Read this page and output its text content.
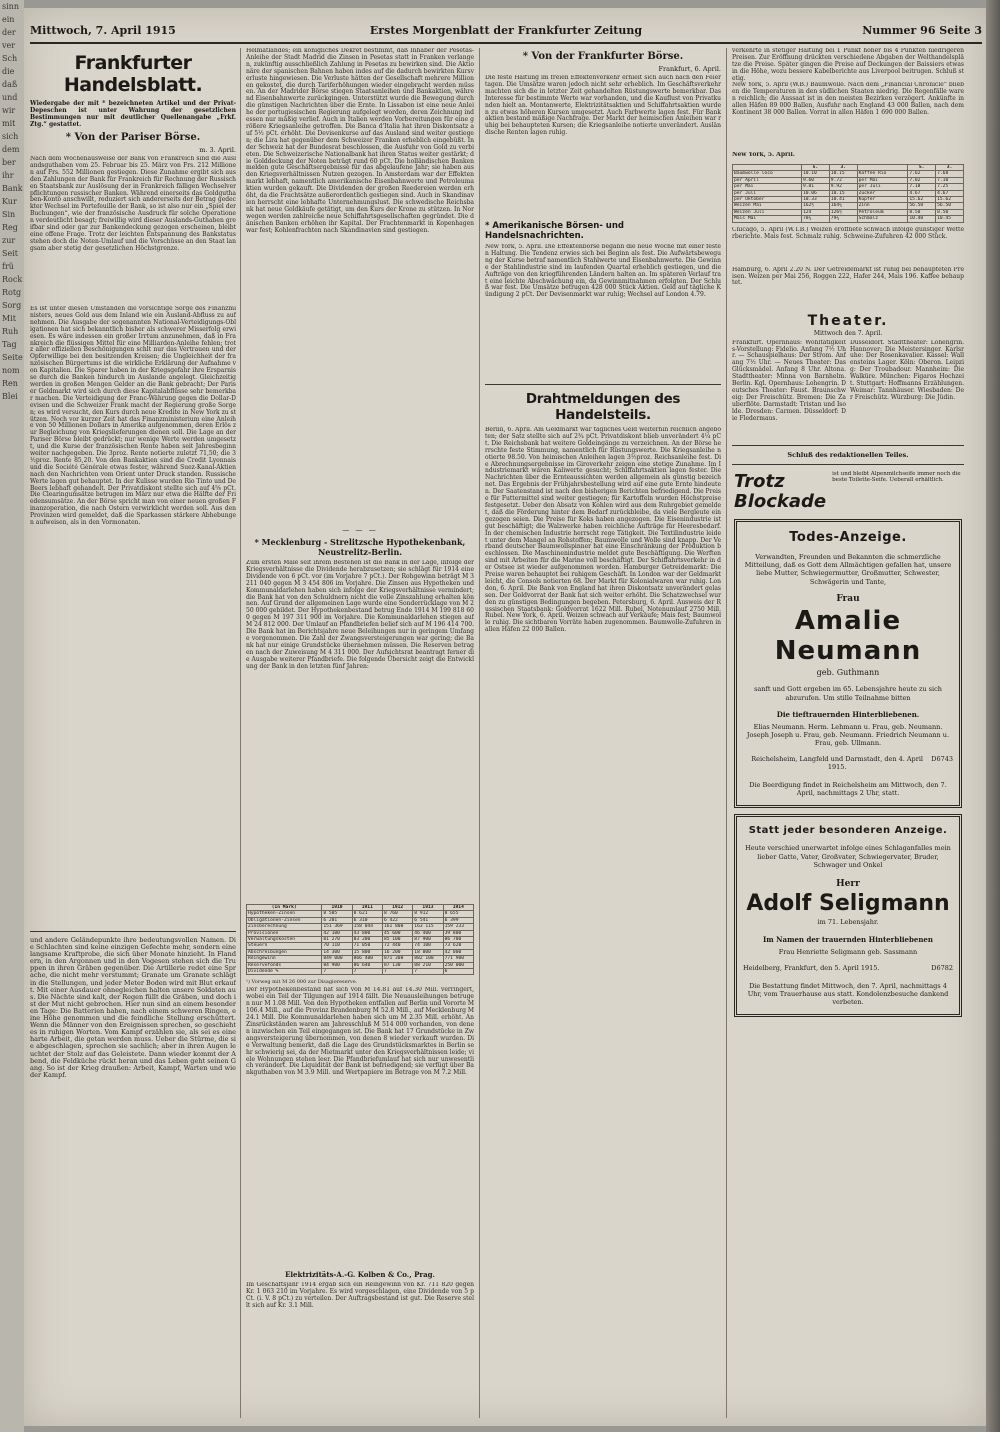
sinn
ein
der
ver
Sch
die
daß
und
wir
mit
sich
dem
ber
ihr
Bank
Kur
Sin
Reg
zur
Seit
frü
Rock
Rotg
Sorg
Mit
Ruh
Tag
Seite
nom
Ren
Blei
Mittwoch, 7. April 1915	Erstes Morgenblatt der Frankfurter Zeitung	Nummer 96 Seite 3
Frankfurter Handelsblatt.
Wiedergabe der mit * bezeichneten Artikel und der Privat-Depeschen ist unter Wahrung der gesetzlichen Bestimmungen nur mit deutlicher Quellenangabe „Frkf. Ztg.“ gestattet.
* Von der Pariser Börse.
m. 3. April.
Nach dem Wochenausweise der Bank von Frankreich sind die Auslandsguthaben vom 25. Februar bis 25. März von Frs. 212 Millionen auf Frs. 552 Millionen gestiegen. Diese Zunahme ergibt sich aus den Zahlungen der Bank für Frankreich für Rechnung der Russischen Staatsbank zur Auslösung der in Frankreich fälligen Wechselverpflichtungen russischer Banken. Während einerseits das Goldguthaben-Konto anschwillt, reduziert sich andererseits der Betrag gedeckter Wechsel im Portefeuille der Bank, so ist also nur ein „Spiel der Buchungen“, wie der französische Ausdruck für solche Operationen verdeutlicht besagt; freiwillig wird dieser Auslands-Guthaben greifbar sind oder gar zur Bankendeckung gezogen erscheinen, bleibt eine offene Frage. Trotz der leichten Entspannung des Bankstatus stehen doch die Noten-Umlauf und die Vorschüsse an den Staat langsam aber stetig der gesetzlichen Höchstgrenze.
Es ist unter diesen Umständen die vorsichtige Sorge des Finanzministers, neues Gold aus dem Inland wie ein Ausland-Abfluss zu aufnehmen. Die Ausgabe der sogenannten National-Verteidigungs-Obligationen hat sich bekanntlich bisher als schwerer Misserfolg erwiesen. Es wäre indessen ein großer Irrtum anzunehmen, daß in Frankreich die flüssigen Mittel für eine Milliarden-Anleihe fehlen; trotz aller offiziellen Beschönigungen schlt nur das Vertrauen und der Opferwillige bei den besitzenden Kreisen; die Ungleichheit der französischen Bürgertums ist die wirkliche Erklärung der Aufnahme von Kapitalien. Die Sparer haben in der Kriegsgefahr ihre Ersparnisse durch die Banken hindurch im Auslande angelegt. Gleichzeitig werden in großen Mengen Gelder an die Bank gebracht; Der Pariser Geldmarkt wird sich durch diese Kapitalabflüsse sehr bemerkbar machen. Die Verteidigung der Franc-Währung gegen die Dollar-Devisen und die Schweizer Frank macht der Regierung große Sorgen; es wird versucht, den Kurs durch neue Kredite in New York zu stützen. Noch vor kurzer Zeit hat das Finanzministerium eine Anleihe von 50 Millionen Dollars in Amerika aufgenommen, deren Erlös zur Begleichung von Kriegslieferungen dienen soll. Die Lage an der Pariser Börse bleibt gedrückt; nur wenige Werte werden umgesetzt, und die Kurse der französischen Rente haben seit Jahresbeginn weiter nachgegeben. Die 3proz. Rente notierte zuletzt 71,50; die 3½proz. Rente 85,20. Von den Bankaktien sind die Credit Lyonnais und die Société Générale etwas fester, während Suez-Kanal-Aktien nach den Nachrichten vom Orient unter Druck standen. Russische Werte lagen gut behauptet. In der Kulisse wurden Rio Tinto und De Beers lebhaft gehandelt. Der Privatdiskont stellte sich auf 4⅝ pCt. Die Clearingumsätze betrugen im März nur etwa die Hälfte der Friedensumsätze. An der Börse spricht man von einer neuen großen Finanzoperation, die nach Ostern verwirklicht werden soll. Aus den Provinzen wird gemeldet, daß die Sparkassen stärkere Abhebungen aufweisen, als in den Vormonaten.
und andere Geländepunkte ihre bedeutungsvollen Namen. Die Schlachten sind keine einzigen Gefechte mehr, sondern eine langsame Kraftprobe, die sich über Monate hinzieht. In Flandern, in den Argonnen und in den Vogesen stehen sich die Truppen in ihren Gräben gegenüber. Die Artillerie redet eine Sprache, die nicht mehr verstummt; Granate um Granate schlägt in die Stellungen, und jeder Meter Boden wird mit Blut erkauft. Mit einer Ausdauer ohnegleichen halten unsere Soldaten aus. Die Nächte sind kalt, der Regen füllt die Gräben, und doch ist der Mut nicht gebrochen. Hier nun sind an einem besonderen Tage: Die Batterien haben, nach einem schweren Ringen, eine Höhe genommen und die feindliche Stellung erschüttert. Wenn die Männer von den Ereignissen sprechen, so geschieht es in ruhigen Worten. Vom Kampf erzählen sie, als sei es eine harte Arbeit, die getan werden muss. Ueber die Stürme, die sie abgeschlagen, sprechen sie sachlich; aber in ihren Augen leuchtet der Stolz auf das Geleistete. Dann wieder kommt der Abend, die Feldküche rückt heran und das Leben geht seinen Gang. So ist der Krieg draußen: Arbeit, Kampf, Warten und wieder Kampf.
Helmatlandes; ein königliches Dekret bestimmt, daß Inhaber der Pesetas-Anleihe der Stadt Madrid die Zinsen in Pesetas statt in Franken verlangen, zukünftig ausschließlich Zahlung in Pesetas zu bewirken sind. Die Aktionäre der spanischen Bahnen haben indes auf die dadurch bewirkten Kursverluste hingewiesen. Die Verluste hätten der Gesellschaft mehrere Millionen gekostet, die durch Tariferhöhungen wieder eingebracht werden müssen. An der Madrider Börse stiegen Staatsanleihen und Bankaktien, während Eisenbahnwerte zurückgingen. Unterstützt wurde die Bewegung durch die günstigen Nachrichten über die Ernte. In Lissabon ist eine neue Anleihe der portugiesischen Regierung aufgelegt worden, deren Zeichnung indessen nur mäßig verlief. Auch in Italien werden Vorbereitungen für eine größere Kriegsanleihe getroffen. Die Banca d'Italia hat ihren Diskontsatz auf 5½ pCt. erhöht. Die Devisenkurse auf das Ausland sind weiter gestiegen; die Lira hat gegenüber dem Schweizer Franken erheblich eingebüßt. In der Schweiz hat der Bundesrat beschlossen, die Ausfuhr von Gold zu verbieten. Die Schweizerische Nationalbank hat ihren Status weiter gestärkt; die Golddeckung der Noten beträgt rund 60 pCt. Die holländischen Banken melden gute Geschäftsergebnisse für das abgelaufene Jahr; sie haben aus den Kriegsverhältnissen Nutzen gezogen. In Amsterdam war der Effektenmarkt lebhaft, namentlich amerikanische Eisenbahnwerte und Petroleumaktien wurden gekauft. Die Dividenden der großen Reedereien werden erhöht, da die Frachtsätze außerordentlich gestiegen sind. Auch in Skandinavien herrscht eine lebhafte Unternehmungslust. Die schwedische Reichsbank hat neue Goldkäufe getätigt, um den Kurs der Krone zu stützen. In Norwegen werden zahlreiche neue Schiffahrtsgesellschaften gegründet. Die dänischen Banken erhöhen ihr Kapital. Der Frachtenmarkt in Kopenhagen war fest; Kohlenfrachten nach Skandinavien sind gestiegen.
— — —
* Mecklenburg - Strelitzsche Hypothekenbank, Neustrelitz-Berlin.
Zum ersten Male seit ihrem Bestehen ist die Bank in der Lage, infolge der Kriegsverhältnisse die Dividende herabzusetzen; sie schlägt für 1914 eine Dividende von 6 pCt. vor (im Vorjahre 7 pCt.). Der Rohgewinn beträgt M 3 211 040 gegen M 3 454 806 im Vorjahre. Die Zinsen aus Hypotheken und Kommunaldarlehen haben sich infolge der Kriegsverhältnisse vermindert; die Bank hat von den Schuldnern nicht die volle Zinszahlung erhalten können. Auf Grund der allgemeinen Lage wurde eine Sonderrücklage von M 250 000 gebildet. Der Hypothekenbestand betrug Ende 1914 M 199 818 600 gegen M 197 311 900 im Vorjahre. Die Kommunaldarlehen stiegen auf M 24 812 000. Der Umlauf an Pfandbriefen belief sich auf M 196 414 700. Die Bank hat im Berichtsjahre neue Beleihungen nur in geringem Umfange vorgenommen. Die Zahl der Zwangsversteigerungen war gering; die Bank hat nur einige Grundstücke übernehmen müssen. Die Reserven betragen nach der Zuweisung M 4 311 000. Der Aufsichtsrat beantragt ferner die Ausgabe weiterer Pfandbriefe. Die folgende Übersicht zeigt die Entwicklung der Bank in den letzten fünf Jahren:
(In Mark)	1910	1911	1912	1913	1914
Hypotheken-Zinsen	8 505	8 621	8 760	8 912	8 655
Obligationen-Zinsen	6 201	6 310	6 422	6 541	6 399
Zinsberechnung	151 369	158 044	161 800	163 115	159 233
Provisionen	42 100	43 800	45 600	46 400	39 800
Verwaltungskosten	81 270	83 200	85 100	87 900	86 700
Steuern	70 110	71 050	72 440	74 100	73 620
Abschreibungen	14 300	15 800	16 200	18 000	42 000
Reingewinn	849 000	866 400	871 300	882 100	771 900
Reservefonds	84 900	86 640	87 130	88 210	250 000
Dividende %	7	7	7	7	6
¹) Vorweg mit M 26 000 zur Disagioreserve.
Der Hypothekenbestand hat sich von M 14.81 auf 14.30 Mill. verringert, wobei ein Teil der Tilgungen auf 1914 fällt. Die Neuausleihungen betrugen nur M 1.08 Mill. Von den Hypotheken entfallen auf Berlin und Vororte M 106.4 Mill., auf die Provinz Brandenburg M 52.8 Mill., auf Mecklenburg M 24.1 Mill. Die Kommunaldarlehen haben sich um M 2.35 Mill. erhöht. An Zinsrückständen waren am Jahresschluß M 514 000 vorhanden, von denen inzwischen ein Teil eingegangen ist. Die Bank hat 17 Grundstücke in Zwangsversteigerung übernommen, von denen 8 wieder verkauft wurden. Die Verwaltung bemerkt, daß die Lage des Grundstücksmarktes in Berlin sehr schwierig sei, da der Mietmarkt unter den Kriegsverhältnissen leide; viele Wohnungen stehen leer. Die Pfandbriefumlauf hat sich nur unwesentlich verändert. Die Liquidität der Bank ist befriedigend; sie verfügt über Bankguthaben von M 3.9 Mill. und Wertpapiere im Betrage von M 7.2 Mill.
Elektrizitäts-A.-G. Kolben & Co., Prag.
Im Geschäftsjahr 1914 ergab sich ein Reingewinn von Kr. 711 820 gegen Kr. 1 063 210 im Vorjahre. Es wird vorgeschlagen, eine Dividende von 5 pCt. (i. V. 8 pCt.) zu verteilen. Der Auftragsbestand ist gut. Die Reserve stellt sich auf Kr. 3.1 Mill.
* Von der Frankfurter Börse.
Frankfurt, 6. April.
Die feste Haltung im freien Effektenverkehr erhielt sich auch nach den Feiertagen. Die Umsätze waren jedoch nicht sehr erheblich. Im Geschäftsverkehr machten sich die in letzter Zeit gehandelten Rüstungswerte bemerkbar. Das Interesse für bestimmte Werte war vorhanden, und die Kauflust von Privatkunden hielt an. Montanwerte, Elektrizitätsaktien und Schiffahrtsaktien wurden zu etwas höheren Kursen umgesetzt. Auch Farbwerte lagen fest. Für Bankaktien bestand mäßige Nachfrage. Der Markt der heimischen Anleihen war ruhig bei behaupteten Kursen; die Kriegsanleihe notierte unverändert. Ausländische Renten lagen ruhig.
* Amerikanische Börsen- und Handelsnachrichten.
New York, 5. April. Die Effektenbörse begann die neue Woche mit einer festen Haltung. Die Tendenz erwies sich bei Beginn als fest. Die Aufwärtsbewegung der Kurse betraf namentlich Stahlwerte und Eisenbahnwerte. Die Gewinne der Stahlindustrie sind im laufenden Quartal erheblich gestiegen, und die Aufträge von den kriegführenden Ländern halten an. Im späteren Verlauf trat eine leichte Abschwächung ein, da Gewinnmitnahmen erfolgten. Der Schluß war fest. Die Umsätze betrugen 428 000 Stück Aktien. Geld auf tägliche Kündigung 2 pCt. Der Devisenmarkt war ruhig; Wechsel auf London 4.79.
Drahtmeldungen des Handelsteils.
Berlin, 6. April. Am Geldmarkt war tägliches Geld weiterhin reichlich angeboten; der Satz stellte sich auf 2¾ pCt. Privatdiskont blieb unverändert 4¼ pCt. Die Reichsbank hat weitere Goldeingänge zu verzeichnen. An der Börse herrschte feste Stimmung, namentlich für Rüstungswerte. Die Kriegsanleihe notierte 98.50. Von heimischen Anleihen lagen 3½proz. Reichsanleihe fest. Die Abrechnungsergebnisse im Giroverkehr zeigen eine stetige Zunahme. Im Industriemarkt waren Kaliwerte gesucht; Schiffahrtsaktien lagen fester. Die Nachrichten über die Ernteaussichten werden allgemein als günstig bezeichnet. Das Ergebnis der Frühjahrsbestellung wird auf eine gute Ernte hindeuten. Der Saatenstand ist nach den bisherigen Berichten befriedigend. Die Preise für Futtermittel sind weiter gestiegen; für Kartoffeln wurden Höchstpreise festgesetzt. Ueber den Absatz von Kohlen wird aus dem Ruhrgebiet gemeldet, daß die Förderung hinter dem Bedarf zurückbleibe, da viele Bergleute eingezogen seien. Die Preise für Koks haben angezogen. Die Eisenindustrie ist gut beschäftigt; die Walzwerke haben reichliche Aufträge für Heeresbedarf. In der chemischen Industrie herrscht rege Tätigkeit. Die Textilindustrie leidet unter dem Mangel an Rohstoffen; Baumwolle und Wolle sind knapp. Der Verband deutscher Baumwollspinner hat eine Einschränkung der Produktion beschlossen. Die Maschinenindustrie meldet gute Beschäftigung. Die Werften sind mit Arbeiten für die Marine voll beschäftigt. Der Schiffahrtsverkehr in der Ostsee ist wieder aufgenommen worden. Hamburger Getreidemarkt: Die Preise waren behauptet bei ruhigem Geschäft. In London war der Geldmarkt leicht, die Consols notierten 68. Der Markt für Kolonialwaren war ruhig. London, 6. April. Die Bank von England hat ihren Diskontsatz unverändert gelassen. Der Goldvorrat der Bank hat sich weiter erhöht. Die Schatzwechsel wurden zu günstigen Bedingungen begeben. Petersburg, 6. April. Ausweis der Russischen Staatsbank: Goldvorrat 1622 Mill. Rubel, Notenumlauf 2750 Mill. Rubel. New York, 6. April. Weizen schwach auf Verkäufe; Mais fest; Baumwolle ruhig. Die sichtbaren Vorräte haben zugenommen. Baumwolle-Zufuhren in allen Häfen 22 000 Ballen.
verkehrte in stetiger Haltung bei 1 Punkt höher bis 4 Punkten niedrigeren Preisen. Zur Eröffnung drückten verschiedene Abgaben der Welthandelsplätze die Preise. Später gingen die Preise auf Deckungen der Baissiers etwas in die Höhe, wozu bessere Kabelberichte aus Liverpool beitrugen. Schluß stetig.
New York, 5. April (W.B.) Baumwolle. Nach dem „Financial Chronicle“ blieben die Temperaturen in den südlichen Staaten niedrig. Die Regenfälle waren reichlich; die Aussaat ist in den meisten Bezirken verzögert. Ankünfte in allen Häfen 89 000 Ballen, Ausfuhr nach England 43 000 Ballen, nach dem Kontinent 38 000 Ballen. Vorrat in allen Häfen 1 690 000 Ballen.
New York, 5. April.
	5.	3.		5.	3.
Baumwolle loco	10.10	10.15	Kaffee Rio	7.62	7.68
per April	9.60	9.72	per Mai	7.02	7.10
per Mai	9.81	9.92	per Juli	7.18	7.25
per Juli	10.06	10.15	Zucker	4.67	4.67
per Oktober	10.33	10.41	Kupfer	15.62	15.62
Weizen Mai	162½	164¼	Zinn	56.50	56.50
Weizen Juli	124	126½	Petroleum	8.50	8.50
Mais Mai	78¼	79¼	Schmalz	10.40	10.45
Chicago, 5. April (W.T.B.) Weizen eröffnete schwach infolge günstiger Wetterberichte. Mais fest. Schmalz ruhig. Schweine-Zufuhren 42 000 Stück.
Hamburg, 6. April 2.20 N. Der Getreidemarkt ist ruhig bei behaupteten Preisen. Weizen per Mai 256, Roggen 222, Hafer 244, Mais 196. Kaffee behauptet.
Theater.
Mittwoch den 7. April.
Frankfurt. Opernhaus: Wohltätigkeits-Vorstellung: Fidelio. Anfang 7½ Uhr. — Schauspielhaus: Der Strom. Anfang 7½ Uhr. — Neues Theater: Das Glücksmädel. Anfang 8 Uhr. Altona. Stadttheater: Minna von Barnhelm. Berlin. Kgl. Opernhaus: Lohengrin. Deutsches Theater: Faust. Braunschweig: Der Freischütz. Bremen: Die Zauberflöte. Darmstadt: Tristan und Isolde. Dresden: Carmen. Düsseldorf: Die Fledermaus.
Düsseldorf. Stadttheater: Lohengrin. Hannover: Die Meistersinger. Karlsruhe: Der Rosenkavalier. Kassel: Wallensteins Lager. Köln: Oberon. Leipzig: Der Troubadour. Mannheim: Die Walküre. München: Figaros Hochzeit. Stuttgart: Hoffmanns Erzählungen. Weimar: Tannhäuser. Wiesbaden: Der Freischütz. Würzburg: Die Jüdin.
Schluß des redaktionellen Teiles.
Trotz Blockade
ist und bleibt Alpenmilchseife immer noch die beste Toilette-Seife. Ueberall erhältlich.
Todes-Anzeige.
Verwandten, Freunden und Bekannten die schmerzliche Mitteilung, daß es Gott dem Allmächtigen gefallen hat, unsere liebe Mutter, Schwiegermutter, Großmutter, Schwester, Schwägerin und Tante,
Frau
Amalie Neumann
geb. Guthmann
sanft und Gott ergeben im 65. Lebensjahre heute zu sich abzurufen. Um stille Teilnahme bitten
Die tieftrauernden Hinterbliebenen.
Elias Neumann. Herm. Lehmann u. Frau, geb. Neumann. Joseph Joseph u. Frau, geb. Neumann. Friedrich Neumann u. Frau, geb. Ullmann.
Reichelsheim, Langfeld und Darmstadt, den 4. April 1915.
D6743
Die Beerdigung findet in Reichelsheim am Mittwoch, den 7. April, nachmittags 2 Uhr, statt.
Statt jeder besonderen Anzeige.
Heute verschied unerwartet infolge eines Schlaganfalles mein lieber Gatte, Vater, Großvater, Schwiegervater, Bruder, Schwager und Onkel
Herr
Adolf Seligmann
im 71. Lebensjahr.
Im Namen der trauernden Hinterbliebenen
Frau Henriette Seligmann geb. Sassmann
Heidelberg, Frankfurt, den 5. April 1915.	D6782
Die Bestattung findet Mittwoch, den 7. April, nachmittags 4 Uhr, vom Trauerhause aus statt. Kondolenzbesuche dankend verbeten.
